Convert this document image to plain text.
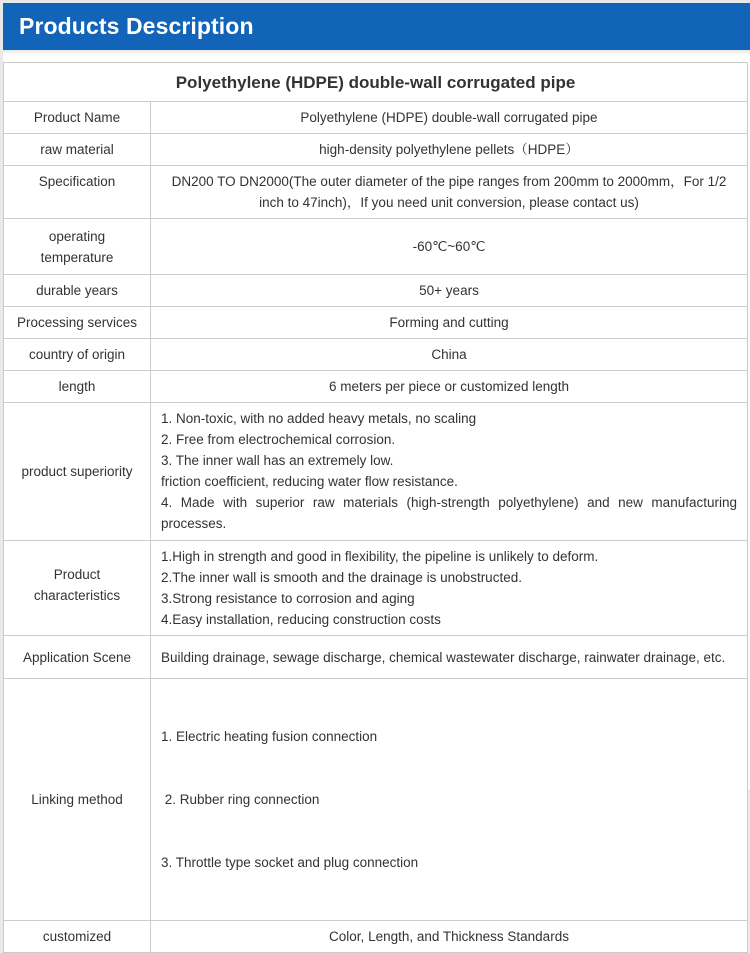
Products Description
Polyethylene (HDPE) double-wall corrugated pipe	
Product Name	Polyethylene (HDPE) double-wall corrugated pipe
raw material	high-density polyethylene pellets（HDPE）
Specification	DN200 TO DN2000(The outer diameter of the pipe ranges from 200mm to 2000mm，For 1/2 inch to 47inch)，If you need unit conversion, please contact us)
operating temperature	-60℃~60℃
durable years	50+ years
Processing services	Forming and cutting
country of origin	China
length	6 meters per piece or customized length
product superiority	1. Non-toxic, with no added heavy metals, no scaling
2. Free from electrochemical corrosion.
3. The inner wall has an extremely low.
friction coefficient, reducing water flow resistance.
4. Made with superior raw materials (high-strength polyethylene) and new manufacturing processes.

Product characteristics	1.High in strength and good in flexibility, the pipeline is unlikely to deform.
2.The inner wall is smooth and the drainage is unobstructed.
3.Strong resistance to corrosion and aging
4.Easy installation, reducing construction costs

Application Scene	Building drainage, sewage discharge, chemical wastewater discharge, rainwater drainage, etc.
Linking method	1. Electric heating fusion connection

2. Rubber ring connection

3. Throttle type socket and plug connection

customized	Color, Length, and Thickness Standards
